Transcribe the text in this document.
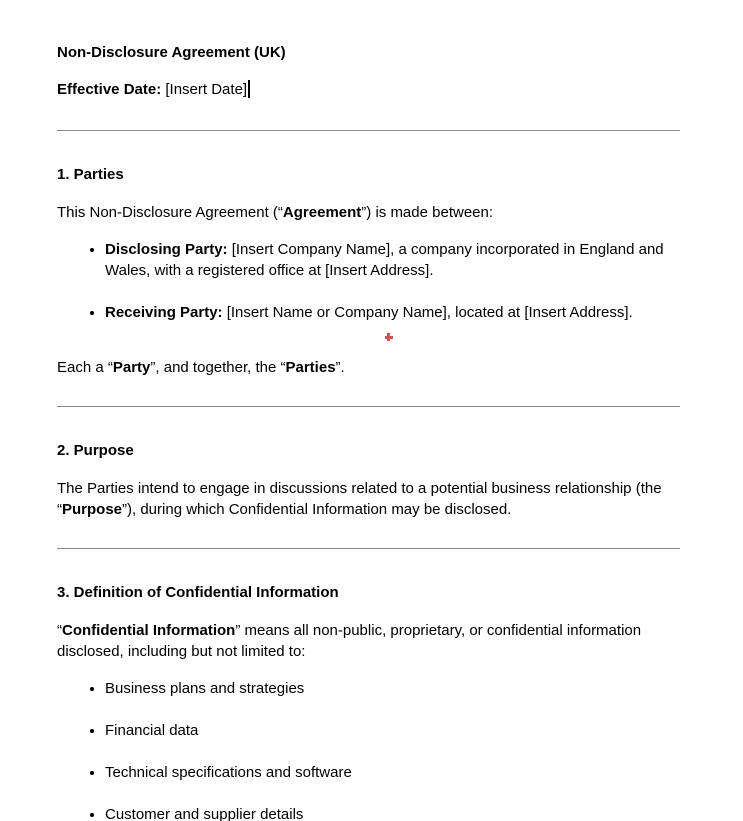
Non-Disclosure Agreement (UK)

Effective Date: [Insert Date]

1. Parties

This Non-Disclosure Agreement (“Agreement”) is made between:

• Disclosing Party: [Insert Company Name], a company incorporated in England and Wales, with a registered office at [Insert Address].
• Receiving Party: [Insert Name or Company Name], located at [Insert Address].

Each a “Party”, and together, the “Parties”.

2. Purpose

The Parties intend to engage in discussions related to a potential business relationship (the “Purpose”), during which Confidential Information may be disclosed.

3. Definition of Confidential Information

“Confidential Information” means all non-public, proprietary, or confidential information disclosed, including but not limited to:

• Business plans and strategies
• Financial data
• Technical specifications and software
• Customer and supplier details
